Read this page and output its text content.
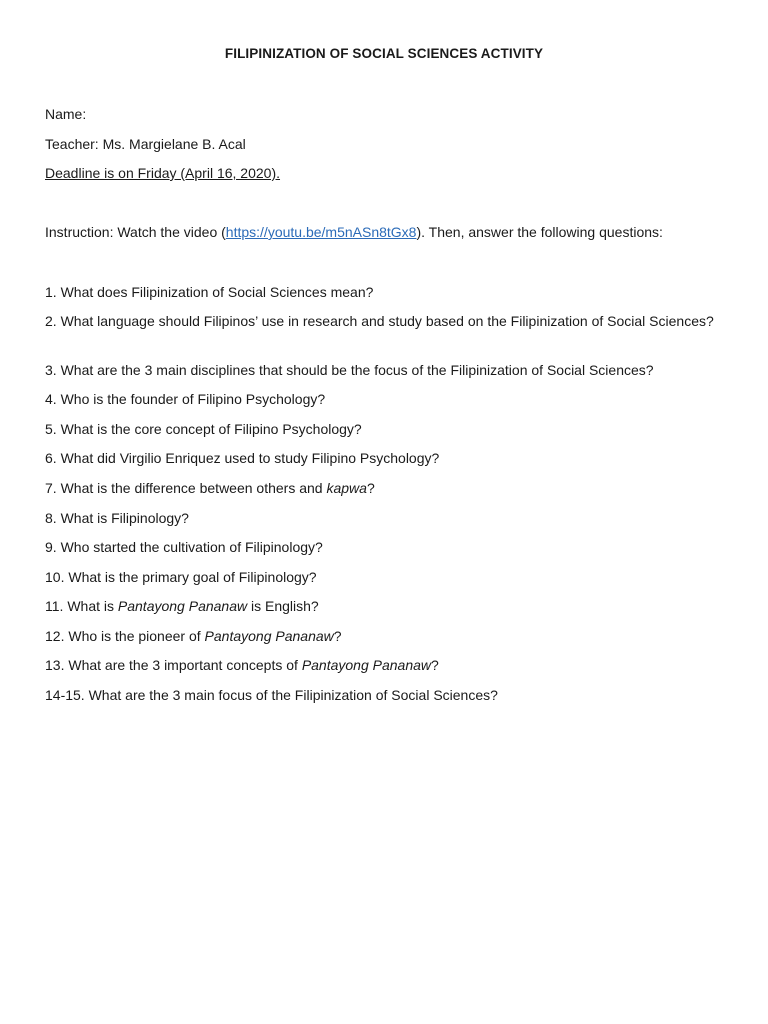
FILIPINIZATION OF SOCIAL SCIENCES ACTIVITY
Name:
Teacher: Ms. Margielane B. Acal
Deadline is on Friday (April 16, 2020).
Instruction: Watch the video (https://youtu.be/m5nASn8tGx8). Then, answer the following questions:
1. What does Filipinization of Social Sciences mean?
2. What language should Filipinos’ use in research and study based on the Filipinization of Social Sciences?
3. What are the 3 main disciplines that should be the focus of the Filipinization of Social Sciences?
4. Who is the founder of Filipino Psychology?
5. What is the core concept of Filipino Psychology?
6. What did Virgilio Enriquez used to study Filipino Psychology?
7. What is the difference between others and kapwa?
8. What is Filipinology?
9. Who started the cultivation of Filipinology?
10. What is the primary goal of Filipinology?
11. What is Pantayong Pananaw is English?
12. Who is the pioneer of Pantayong Pananaw?
13. What are the 3 important concepts of Pantayong Pananaw?
14-15. What are the 3 main focus of the Filipinization of Social Sciences?
